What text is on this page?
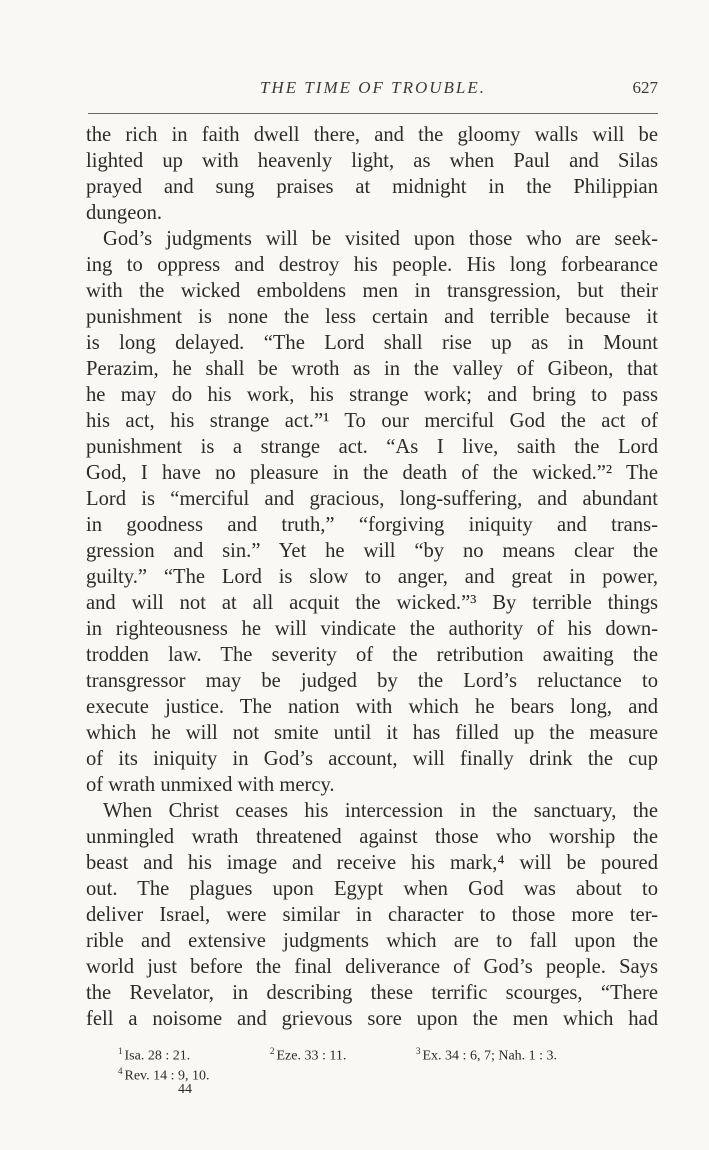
THE TIME OF TROUBLE.	627
the rich in faith dwell there, and the gloomy walls will be
lighted up with heavenly light, as when Paul and Silas
prayed and sung praises at midnight in the Philippian
dungeon.
God’s judgments will be visited upon those who are seek-
ing to oppress and destroy his people. His long forbearance
with the wicked emboldens men in transgression, but their
punishment is none the less certain and terrible because it
is long delayed. “The Lord shall rise up as in Mount
Perazim, he shall be wroth as in the valley of Gibeon, that
he may do his work, his strange work; and bring to pass
his act, his strange act.”¹ To our merciful God the act of
punishment is a strange act. “As I live, saith the Lord
God, I have no pleasure in the death of the wicked.”² The
Lord is “merciful and gracious, long-suffering, and abundant
in goodness and truth,” “forgiving iniquity and trans-
gression and sin.” Yet he will “by no means clear the
guilty.” “The Lord is slow to anger, and great in power,
and will not at all acquit the wicked.”³ By terrible things
in righteousness he will vindicate the authority of his down-
trodden law. The severity of the retribution awaiting the
transgressor may be judged by the Lord’s reluctance to
execute justice. The nation with which he bears long, and
which he will not smite until it has filled up the measure
of its iniquity in God’s account, will finally drink the cup
of wrath unmixed with mercy.
When Christ ceases his intercession in the sanctuary, the
unmingled wrath threatened against those who worship the
beast and his image and receive his mark,⁴ will be poured
out. The plagues upon Egypt when God was about to
deliver Israel, were similar in character to those more ter-
rible and extensive judgments which are to fall upon the
world just before the final deliverance of God’s people. Says
the Revelator, in describing these terrific scourges, “There
fell a noisome and grievous sore upon the men which had
$^1$ Isa. 28 : 21.	$^2$ Eze. 33 : 11.	$^3$ Ex. 34 : 6, 7; Nah. 1 : 3.
$^4$ Rev. 14 : 9, 10.
44
